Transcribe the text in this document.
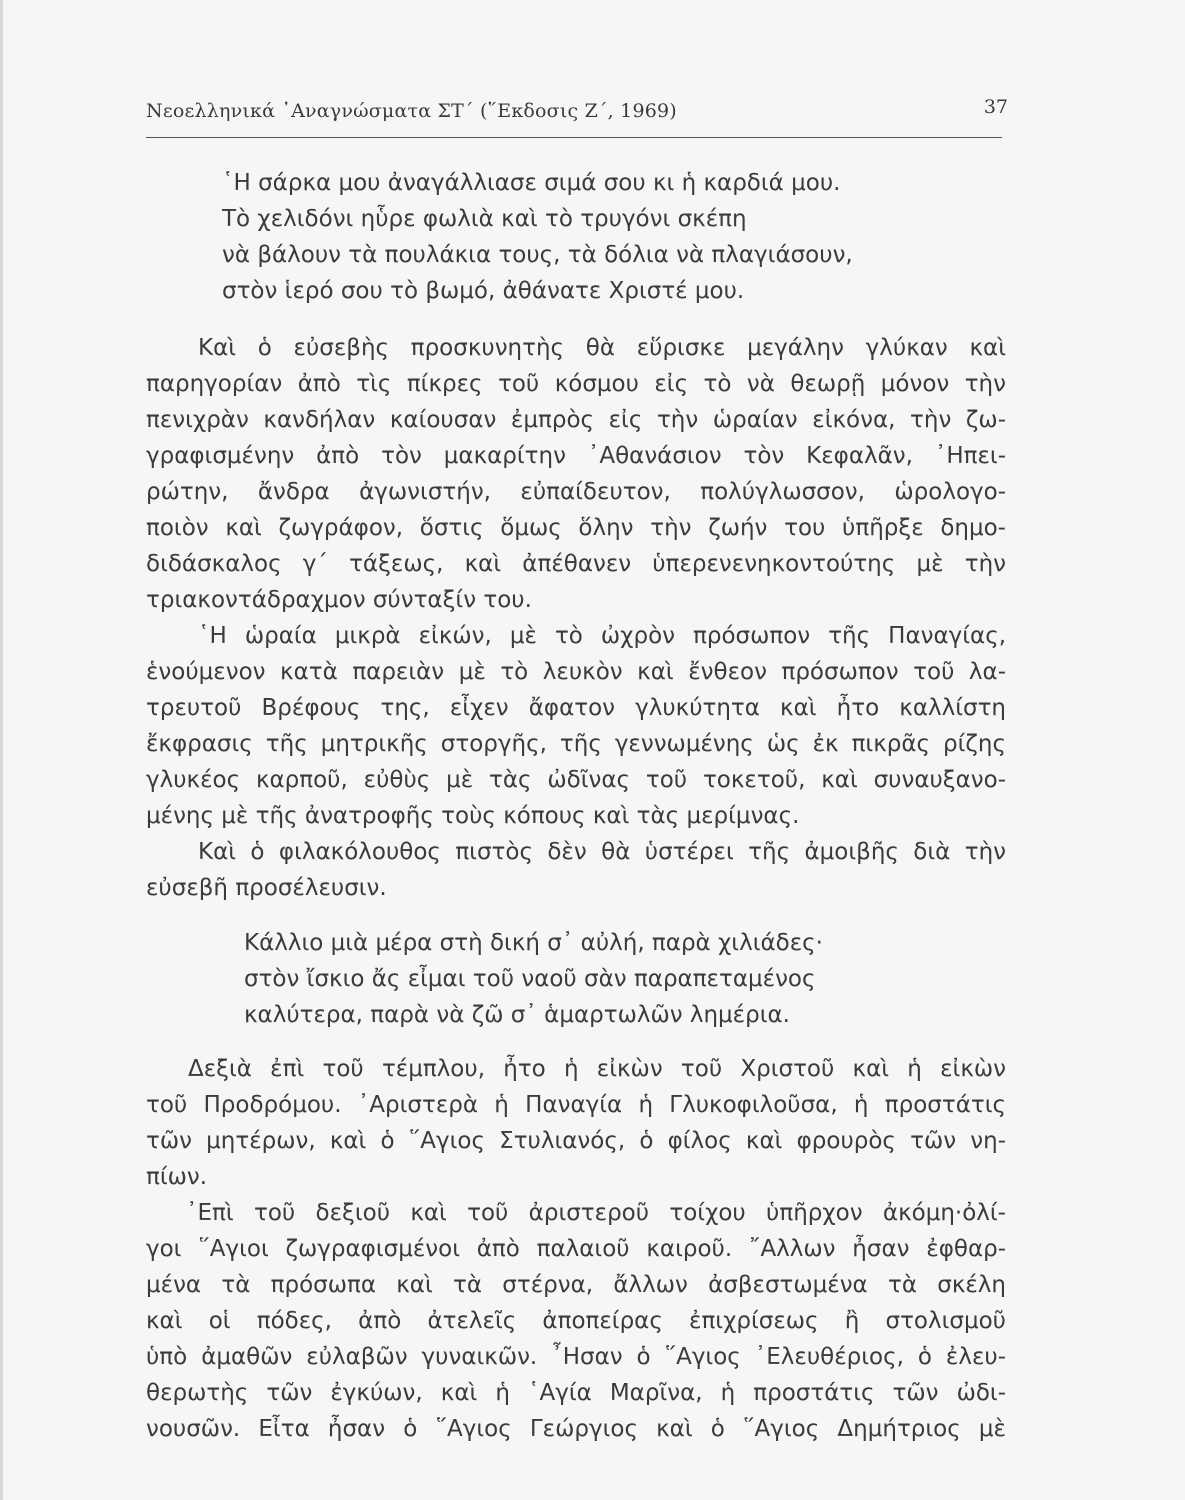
Νεοελληνικά ᾿Αναγνώσματα ΣΤ΄ (῞Εκδοσις Ζ΄, 1969)	37
῾Η σάρκα μου ἀναγάλλιασε σιμά σου κι ἡ καρδιά μου.
Τὸ χελιδόνι ηὗρε φωλιὰ καὶ τὸ τρυγόνι σκέπη
νὰ βάλουν τὰ πουλάκια τους, τὰ δόλια νὰ πλαγιάσουν,
στὸν ἱερό σου τὸ βωμό, ἀθάνατε Χριστέ μου.
Καὶ ὁ εὐσεβὴς προσκυνητὴς θὰ εὕρισκε μεγάλην γλύκαν καὶ
παρηγορίαν ἀπὸ τὶς πίκρες τοῦ κόσμου εἰς τὸ νὰ θεωρῇ μόνον τὴν
πενιχρὰν κανδήλαν καίουσαν ἐμπρὸς εἰς τὴν ὡραίαν εἰκόνα, τὴν ζω-
γραφισμένην ἀπὸ τὸν μακαρίτην ᾿Αθανάσιον τὸν Κεφαλᾶν, ᾿Ηπει-
ρώτην, ἄνδρα ἀγωνιστήν, εὐπαίδευτον, πολύγλωσσον, ὡρολογο-
ποιὸν καὶ ζωγράφον, ὅστις ὅμως ὅλην τὴν ζωήν του ὑπῆρξε δημο-
διδάσκαλος γ΄ τάξεως, καὶ ἀπέθανεν ὑπερενενηκοντούτης μὲ τὴν
τριακοντάδραχμον σύνταξίν του.
῾Η ὡραία μικρὰ εἰκών, μὲ τὸ ὠχρὸν πρόσωπον τῆς Παναγίας,
ἑνούμενον κατὰ παρειὰν μὲ τὸ λευκὸν καὶ ἔνθεον πρόσωπον τοῦ λα-
τρευτοῦ Βρέφους της, εἶχεν ἄφατον γλυκύτητα καὶ ἦτο καλλίστη
ἔκφρασις τῆς μητρικῆς στοργῆς, τῆς γεννωμένης ὡς ἐκ πικρᾶς ρίζης
γλυκέος καρποῦ, εὐθὺς μὲ τὰς ὠδῖνας τοῦ τοκετοῦ, καὶ συναυξανο-
μένης μὲ τῆς ἀνατροφῆς τοὺς κόπους καὶ τὰς μερίμνας.
Καὶ ὁ φιλακόλουθος πιστὸς δὲν θὰ ὑστέρει τῆς ἀμοιβῆς διὰ τὴν
εὐσεβῆ προσέλευσιν.
Κάλλιο μιὰ μέρα στὴ δική σ᾿ αὐλή, παρὰ χιλιάδες·
στὸν ἴσκιο ἄς εἶμαι τοῦ ναοῦ σὰν παραπεταμένος
καλύτερα, παρὰ νὰ ζῶ σ᾿ ἁμαρτωλῶν λημέρια.
Δεξιὰ ἐπὶ τοῦ τέμπλου, ἦτο ἡ εἰκὼν τοῦ Χριστοῦ καὶ ἡ εἰκὼν
τοῦ Προδρόμου. ᾿Αριστερὰ ἡ Παναγία ἡ Γλυκοφιλοῦσα, ἡ προστάτις
τῶν μητέρων, καὶ ὁ ῞Αγιος Στυλιανός, ὁ φίλος καὶ φρουρὸς τῶν νη-
πίων.
᾿Επὶ τοῦ δεξιοῦ καὶ τοῦ ἀριστεροῦ τοίχου ὑπῆρχον ἀκόμη·ὀλί-
γοι ῞Αγιοι ζωγραφισμένοι ἀπὸ παλαιοῦ καιροῦ. ῎Αλλων ἦσαν ἐφθαρ-
μένα τὰ πρόσωπα καὶ τὰ στέρνα, ἄλλων ἀσβεστωμένα τὰ σκέλη
καὶ οἱ πόδες, ἀπὸ ἀτελεῖς ἀποπείρας ἐπιχρίσεως ἢ στολισμοῦ
ὑπὸ ἀμαθῶν εὐλαβῶν γυναικῶν. ῏Ησαν ὁ ῞Αγιος ᾿Ελευθέριος, ὁ ἐλευ-
θερωτὴς τῶν ἐγκύων, καὶ ἡ ῾Αγία Μαρῖνα, ἡ προστάτις τῶν ὠδι-
νουσῶν. Εἶτα ἦσαν ὁ ῞Αγιος Γεώργιος καὶ ὁ ῞Αγιος Δημήτριος μὲ
